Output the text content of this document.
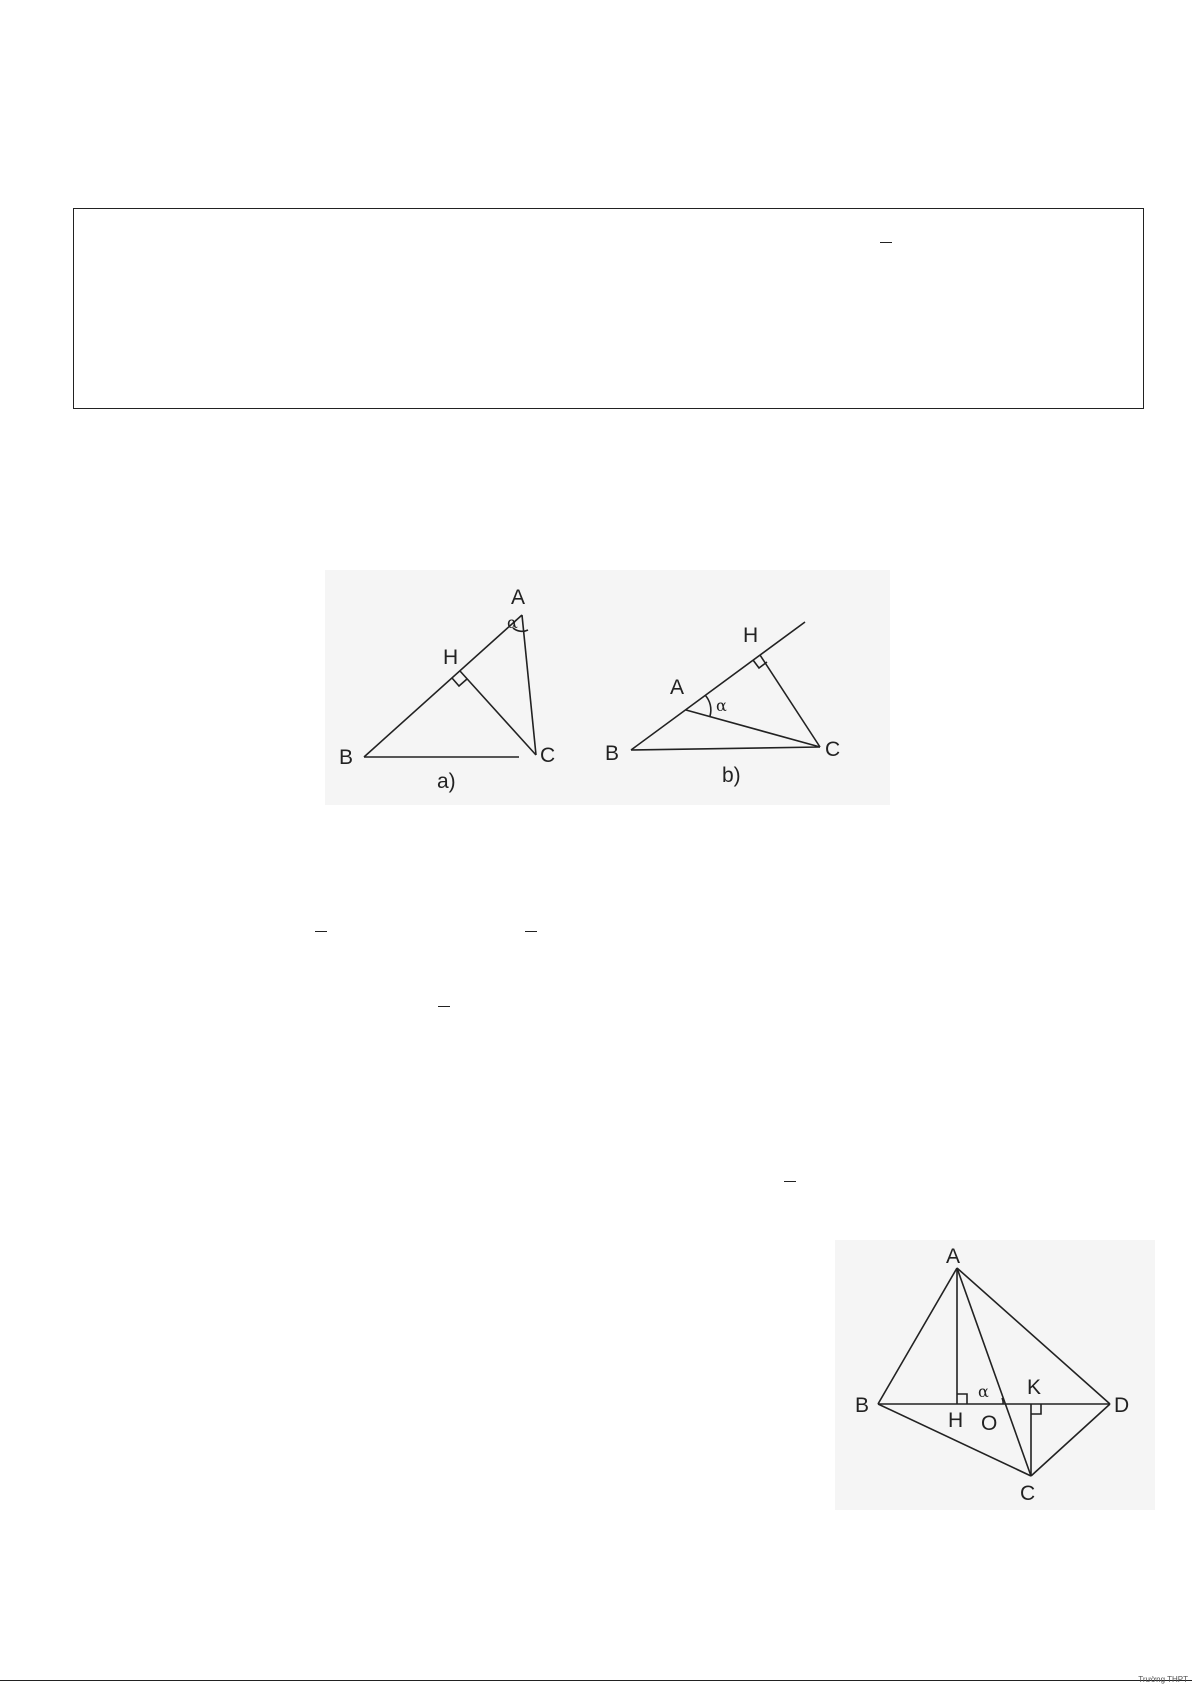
A
H
B	C
α
a)
A
H
B	C
α
b)
A
B	D
C
H
K
O
α
Trường THPT
